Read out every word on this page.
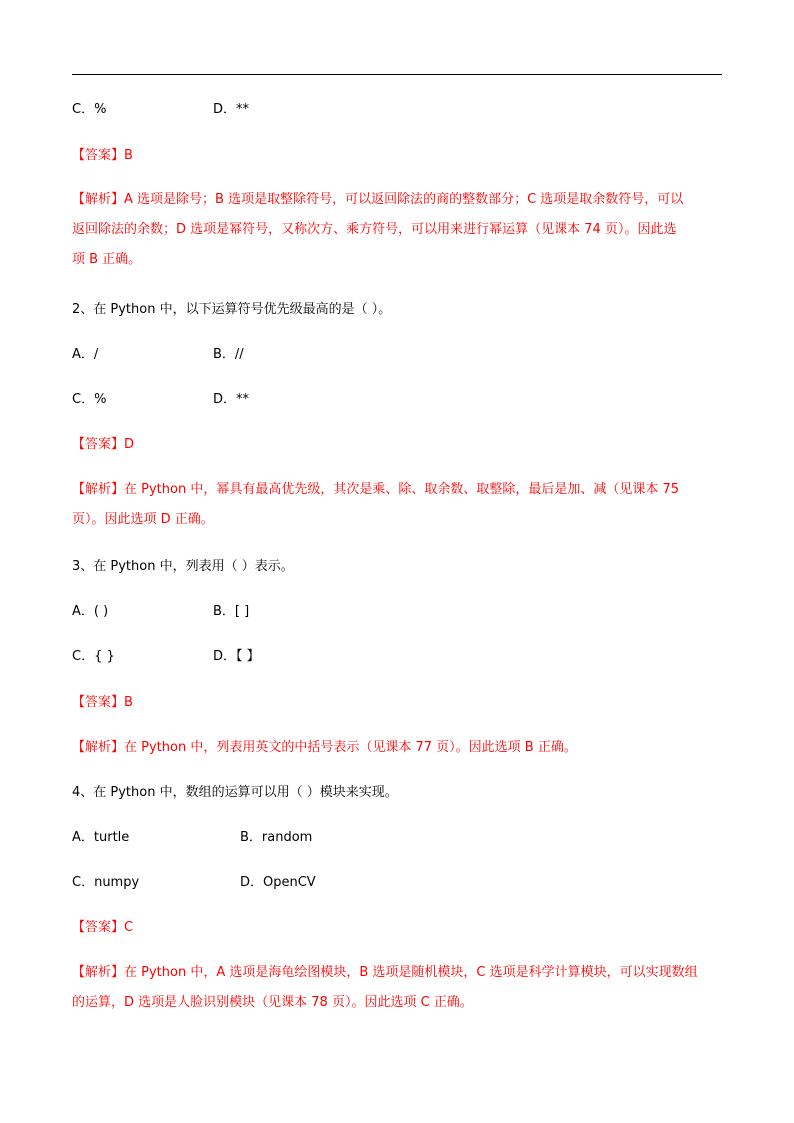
C．%	D．**
【答案】B
【解析】A 选项是除号；B 选项是取整除符号，可以返回除法的商的整数部分；C 选项是取余数符号，可以
返回除法的余数；D 选项是幂符号，又称次方、乘方符号，可以用来进行幂运算（见课本 74 页）。因此选
项 B 正确。
2、在 Python 中，以下运算符号优先级最高的是（ ）。
A．/	B．//
C．%	D．**
【答案】D
【解析】在 Python 中，幂具有最高优先级，其次是乘、除、取余数、取整除，最后是加、减（见课本 75
页）。因此选项 D 正确。
3、在 Python 中，列表用（ ）表示。
A．( )	B．[ ]
C．{ }	D．【 】
【答案】B
【解析】在 Python 中，列表用英文的中括号表示（见课本 77 页）。因此选项 B 正确。
4、在 Python 中，数组的运算可以用（ ）模块来实现。
A．turtle	B．random
C．numpy	D．OpenCV
【答案】C
【解析】在 Python 中，A 选项是海龟绘图模块，B 选项是随机模块，C 选项是科学计算模块，可以实现数组
的运算，D 选项是人脸识别模块（见课本 78 页）。因此选项 C 正确。
